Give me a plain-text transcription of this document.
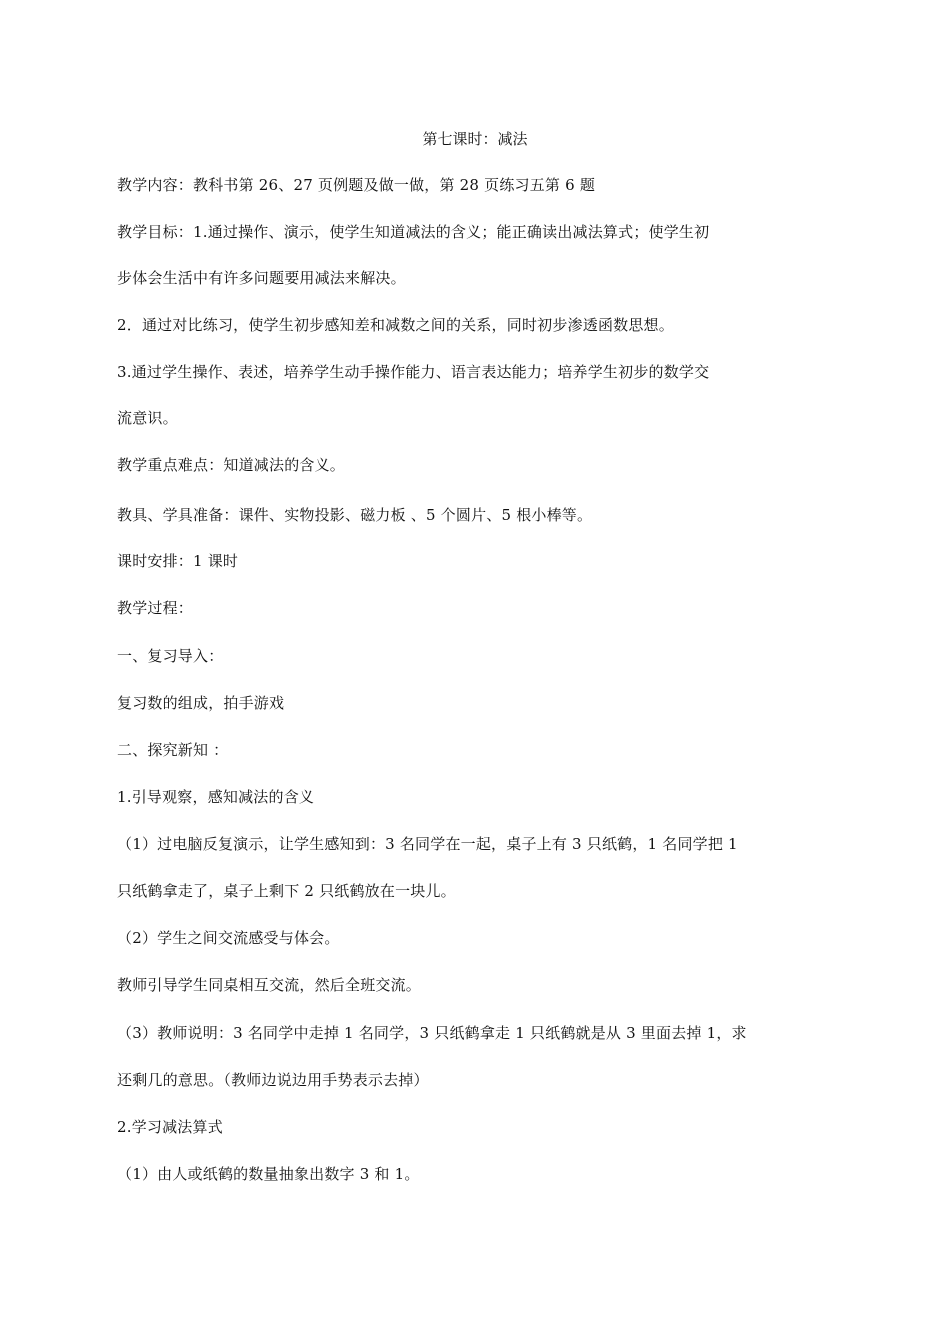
第七课时：减法
教学内容：教科书第 26、27 页例题及做一做，第 28 页练习五第 6 题
教学目标：1.通过操作、演示，使学生知道减法的含义；能正确读出减法算式；使学生初
步体会生活中有许多问题要用减法来解决。
2．通过对比练习，使学生初步感知差和减数之间的关系，同时初步渗透函数思想。
3.通过学生操作、表述，培养学生动手操作能力、语言表达能力；培养学生初步的数学交
流意识。
教学重点难点：知道减法的含义。
教具、学具准备：课件、实物投影、磁力板 、5 个圆片、5 根小棒等。
课时安排：1 课时
教学过程：
一、复习导入：
复习数的组成，拍手游戏
二、探究新知 ：
1.引导观察，感知减法的含义
（1）过电脑反复演示，让学生感知到：3 名同学在一起，桌子上有 3 只纸鹤，1 名同学把 1
只纸鹤拿走了，桌子上剩下 2 只纸鹤放在一块儿。
（2）学生之间交流感受与体会。
教师引导学生同桌相互交流，然后全班交流。
（3）教师说明：3 名同学中走掉 1 名同学，3 只纸鹤拿走 1 只纸鹤就是从 3 里面去掉 1，求
还剩几的意思。（教师边说边用手势表示去掉）
2.学习减法算式
（1）由人或纸鹤的数量抽象出数字 3 和 1。
